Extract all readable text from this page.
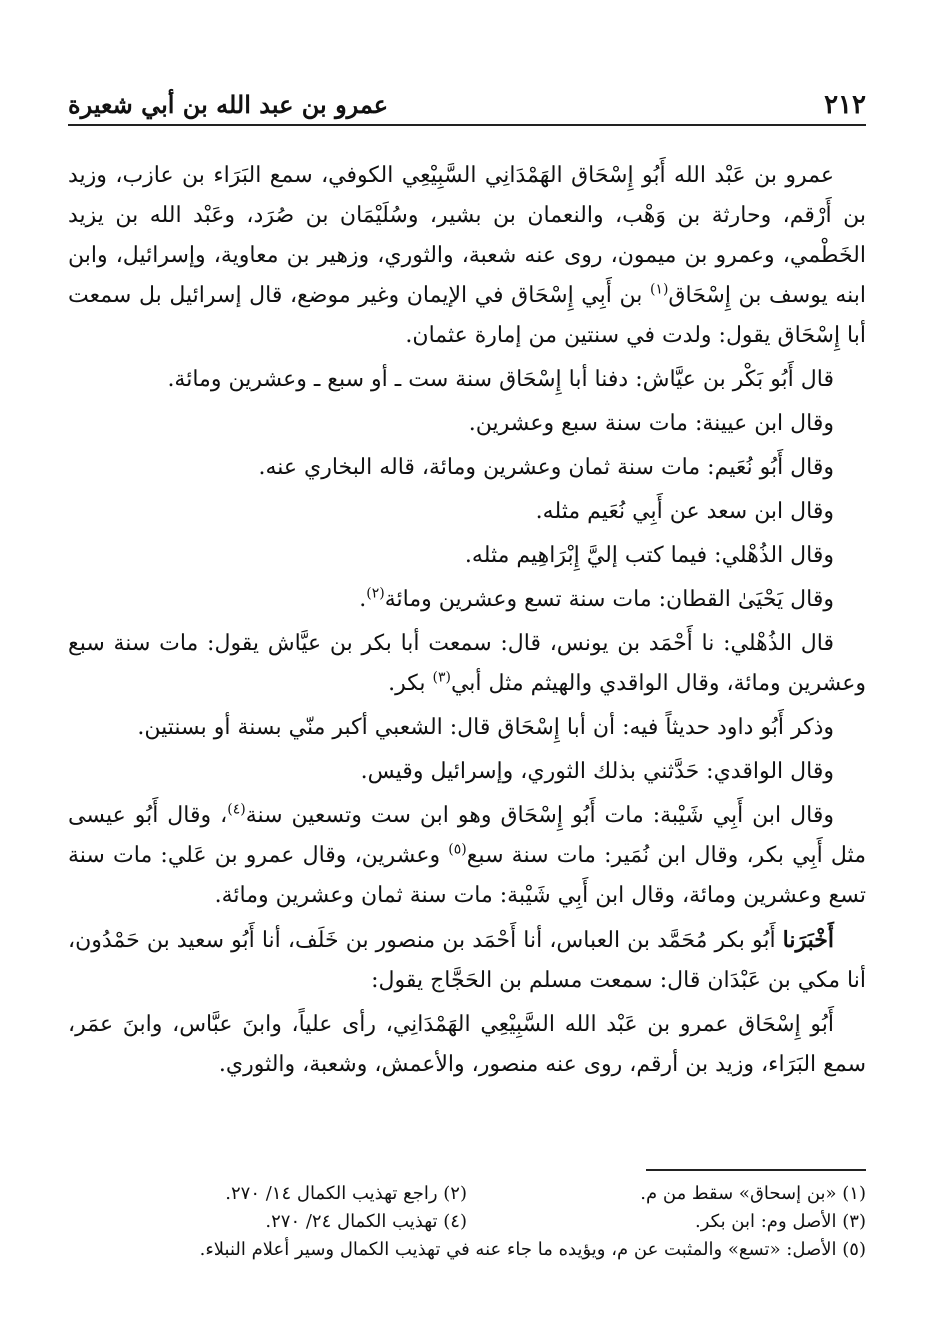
٢١٢
عمرو بن عبد الله بن أبي شعيرة

عمرو بن عَبْد الله أَبُو إِسْحَاق الهَمْدَانِي السَّبِيْعِي الكوفي، سمع البَرَاء بن عازب، وزيد بن أَرْقم، وحارثة بن وَهْب، والنعمان بن بشير، وسُلَيْمَان بن صُرَد، وعَبْد الله بن يزيد الخَطْمي، وعمرو بن ميمون، روى عنه شعبة، والثوري، وزهير بن معاوية، وإسرائيل، وابن ابنه يوسف بن إِسْحَاق$^{(١)}$ بن أَبِي إِسْحَاق في الإيمان وغير موضع، قال إسرائيل بل سمعت أبا إِسْحَاق يقول: ولدت في سنتين من إمارة عثمان.

قال أَبُو بَكْر بن عيَّاش: دفنا أبا إِسْحَاق سنة ست ـ أو سبع ـ وعشرين ومائة.

وقال ابن عيينة: مات سنة سبع وعشرين.

وقال أَبُو نُعَيم: مات سنة ثمان وعشرين ومائة، قاله البخاري عنه.

وقال ابن سعد عن أَبِي نُعَيم مثله.

وقال الذُهْلي: فيما كتب إليَّ إِبْرَاهِيم مثله.

وقال يَحْيَىٰ القطان: مات سنة تسع وعشرين ومائة$^{(٢)}$.

قال الذُهْلي: نا أَحْمَد بن يونس، قال: سمعت أبا بكر بن عيَّاش يقول: مات سنة سبع وعشرين ومائة، وقال الواقدي والهيثم مثل أبي$^{(٣)}$ بكر.

وذكر أَبُو داود حديثاً فيه: أن أبا إِسْحَاق قال: الشعبي أكبر منّي بسنة أو بسنتين.

وقال الواقدي: حَدَّثني بذلك الثوري، وإسرائيل وقيس.

وقال ابن أَبِي شَيْبة: مات أَبُو إِسْحَاق وهو ابن ست وتسعين سنة$^{(٤)}$، وقال أَبُو عيسى مثل أَبِي بكر، وقال ابن نُمَير: مات سنة سبع$^{(٥)}$ وعشرين، وقال عمرو بن عَلي: مات سنة تسع وعشرين ومائة، وقال ابن أَبِي شَيْبة: مات سنة ثمان وعشرين ومائة.

أَخْبَرَنا أَبُو بكر مُحَمَّد بن العباس، أنا أَحْمَد بن منصور بن خَلَف، أنا أَبُو سعيد بن حَمْدُون، أنا مكي بن عَبْدَان قال: سمعت مسلم بن الحَجَّاج يقول:

أَبُو إِسْحَاق عمرو بن عَبْد الله السَّبِيْعِي الهَمْدَانِي، رأى علياً، وابنَ عبَّاس، وابنَ عمَر، سمع البَرَاء، وزيد بن أرقم، روى عنه منصور، والأعمش، وشعبة، والثوري.

(١) «بن إسحاق» سقط من م.
(٢) راجع تهذيب الكمال ١٤/ ٢٧٠.
(٣) الأصل وم: ابن بكر.
(٤) تهذيب الكمال ٢٤/ ٢٧٠.
(٥) الأصل: «تسع» والمثبت عن م، ويؤيده ما جاء عنه في تهذيب الكمال وسير أعلام النبلاء.
